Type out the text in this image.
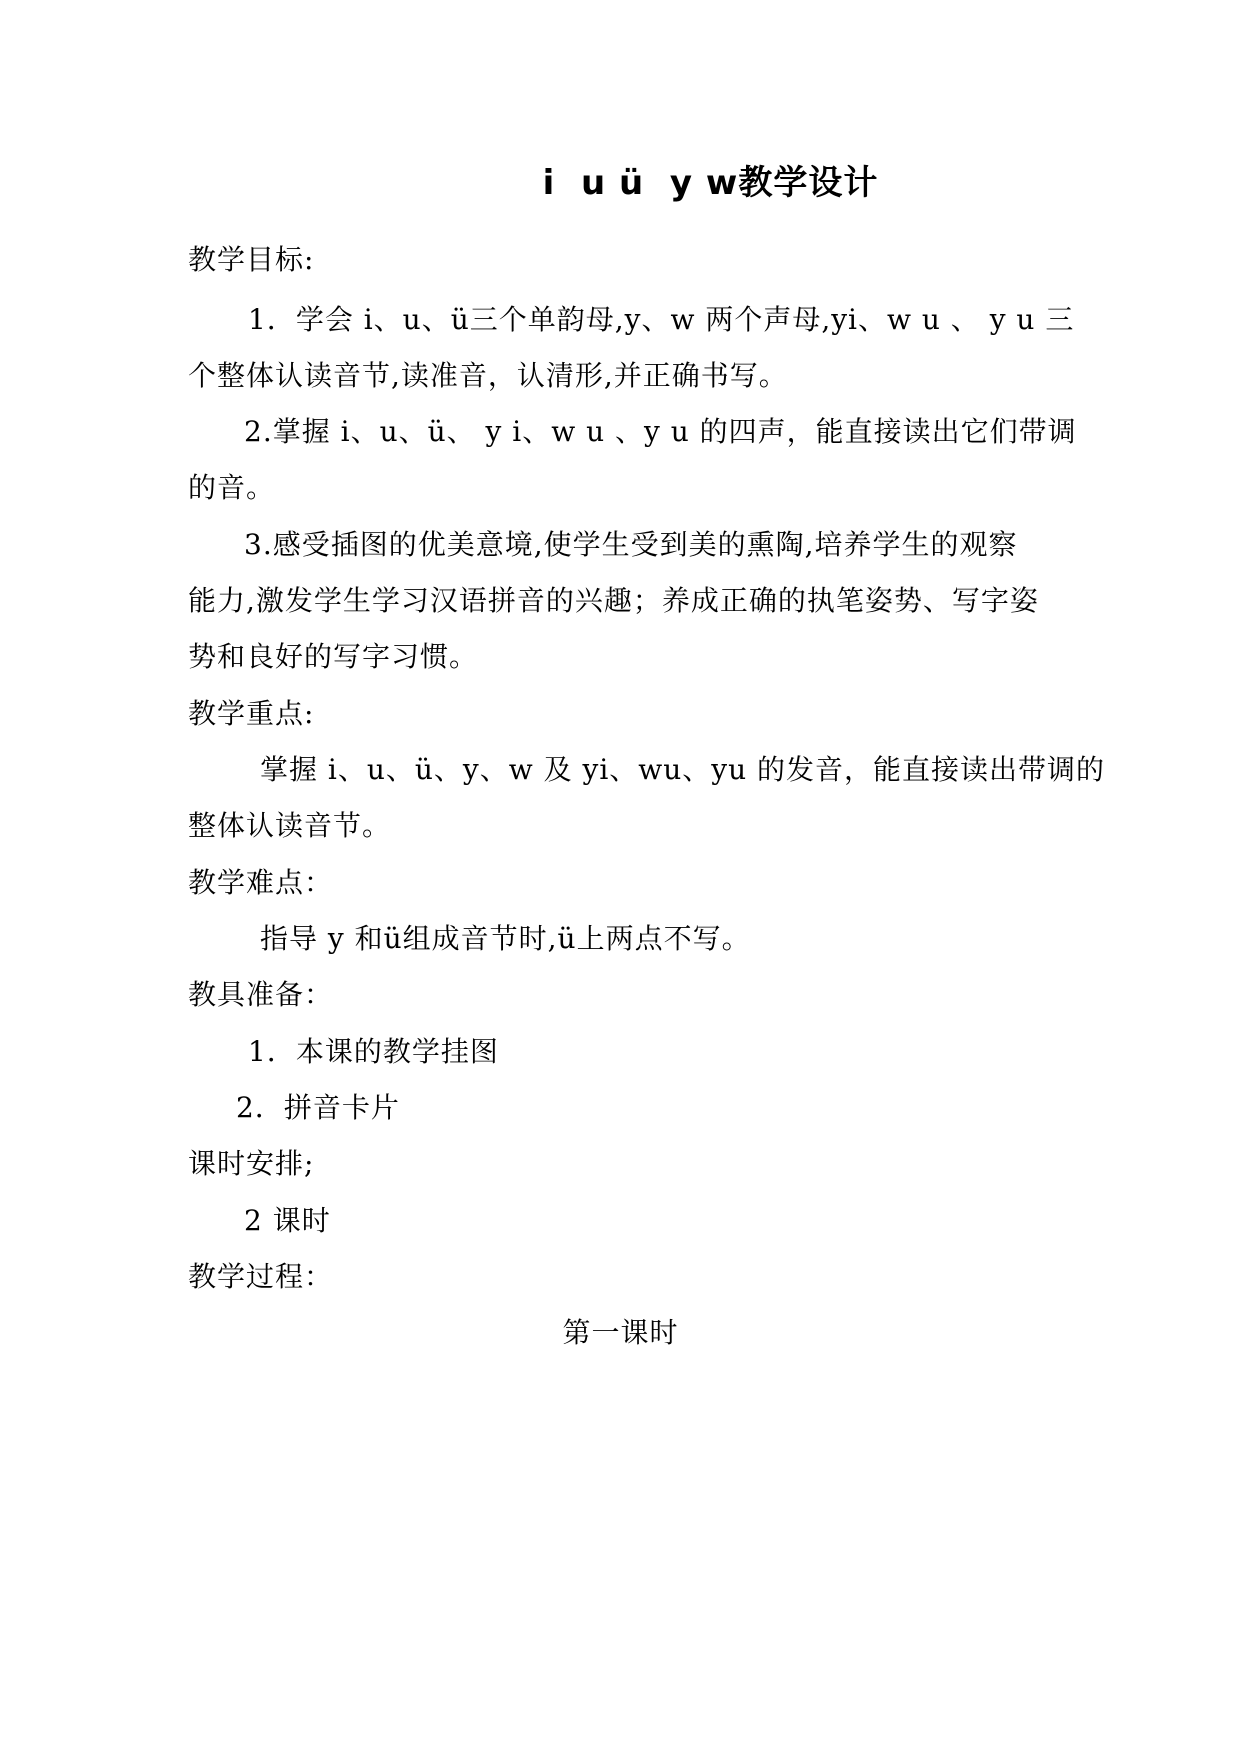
i  u ü  y w教学设计
教学目标:
1．学会 i、u、ü三个单韵母,y、w 两个声母,yi、w u 、 y u 三
个整体认读音节,读准音，认清形,并正确书写。
2.掌握 i、u、ü、 y i、w u 、y u 的四声，能直接读出它们带调
的音。
3.感受插图的优美意境,使学生受到美的熏陶,培养学生的观察
能力,激发学生学习汉语拼音的兴趣；养成正确的执笔姿势、写字姿
势和良好的写字习惯。
教学重点:
掌握 i、u、ü、y、w 及 yi、wu、yu 的发音，能直接读出带调的
整体认读音节。
教学难点：
指导 y 和ü组成音节时,ü上两点不写。
教具准备：
1．本课的教学挂图
2．拼音卡片
课时安排;
2 课时
教学过程：
第一课时
